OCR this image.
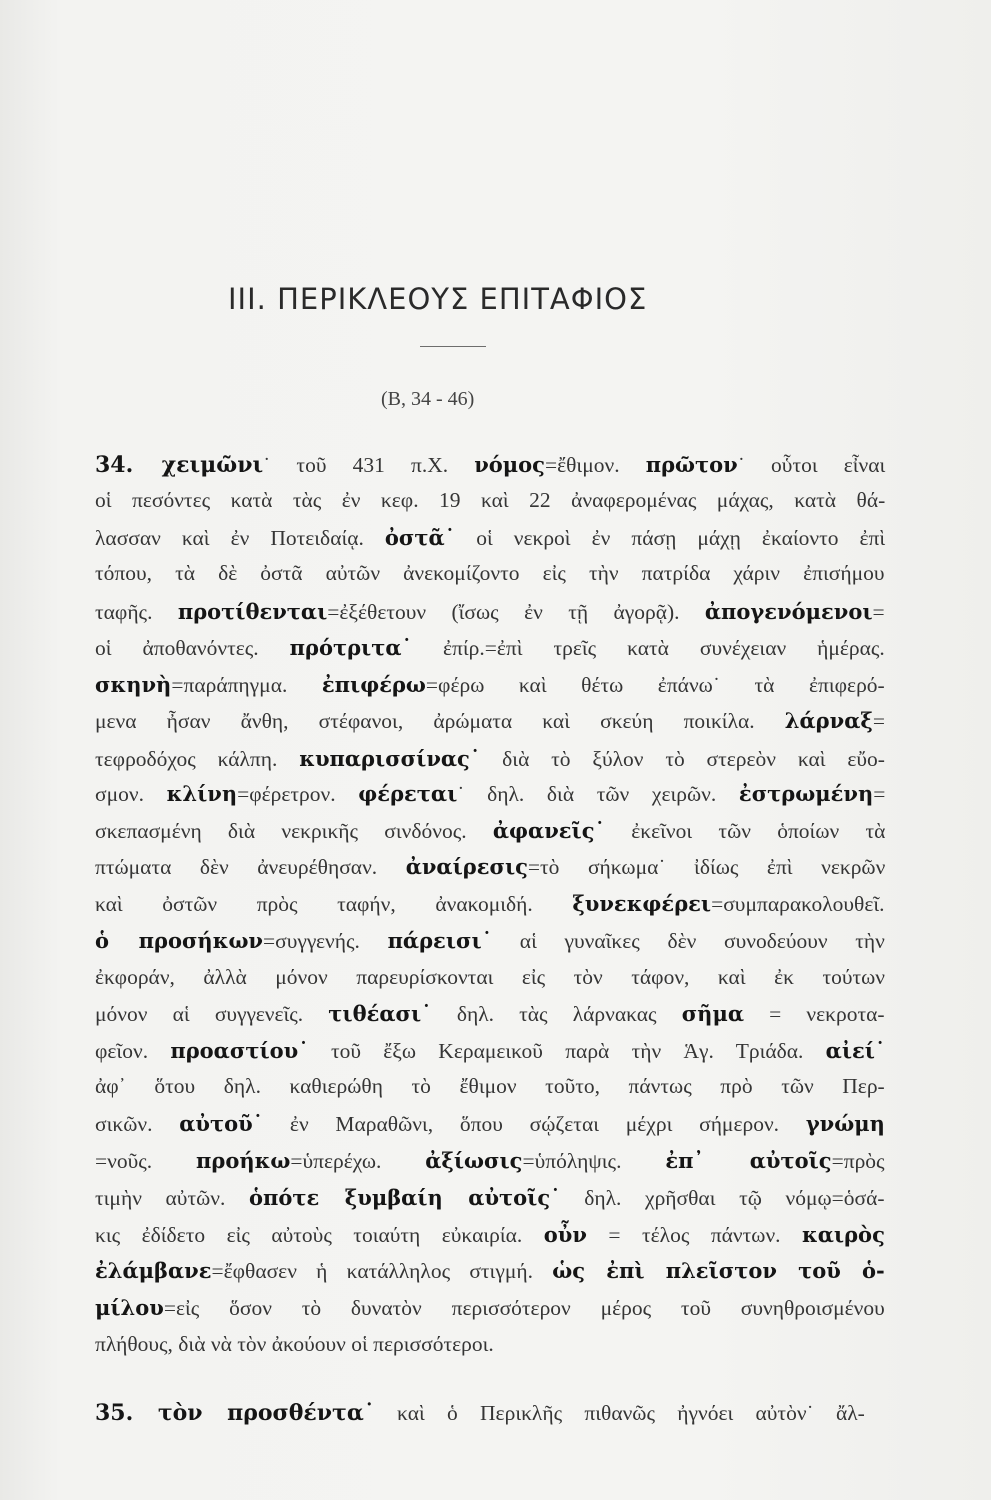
III. ΠΕΡΙΚΛΕΟΥΣ ΕΠΙΤΑΦΙΟΣ
(Β, 34 - 46)
34. χειμῶνι˙ τοῦ 431 π.Χ. νόμος=ἔθιμον. πρῶτον˙ οὗτοι εἶναι
οἱ πεσόντες κατὰ τὰς ἐν κεφ. 19 καὶ 22 ἀναφερομένας μάχας, κατὰ θά-
λασσαν καὶ ἐν Ποτειδαίᾳ. ὀστᾶ˙ οἱ νεκροὶ ἐν πάσῃ μάχῃ ἐκαίοντο ἐπὶ
τόπου, τὰ δὲ ὀστᾶ αὐτῶν ἀνεκομίζοντο εἰς τὴν πατρίδα χάριν ἐπισήμου
ταφῆς. προτίθενται=ἐξέθετουν (ἴσως ἐν τῇ ἀγορᾷ). ἀπογενόμενοι=
οἱ ἀποθανόντες. πρότριτα˙ ἐπίρ.=ἐπὶ τρεῖς κατὰ συνέχειαν ἡμέρας.
σκηνὴ=παράπηγμα. ἐπιφέρω=φέρω καὶ θέτω ἐπάνω˙ τὰ ἐπιφερό-
μενα ἦσαν ἄνθη, στέφανοι, ἀρώματα καὶ σκεύη ποικίλα. λάρναξ=
τεφροδόχος κάλπη. κυπαρισσίνας˙ διὰ τὸ ξύλον τὸ στερεὸν καὶ εὔο-
σμον. κλίνη=φέρετρον. φέρεται˙ δηλ. διὰ τῶν χειρῶν. ἐστρωμένη=
σκεπασμένη διὰ νεκρικῆς σινδόνος. ἀφανεῖς˙ ἐκεῖνοι τῶν ὁποίων τὰ
πτώματα δὲν ἀνευρέθησαν. ἀναίρεσις=τὸ σήκωμα˙ ἰδίως ἐπὶ νεκρῶν
καὶ ὀστῶν πρὸς ταφήν, ἀνακομιδή. ξυνεκφέρει=συμπαρακολουθεῖ.
ὁ προσήκων=συγγενής. πάρεισι˙ αἱ γυναῖκες δὲν συνοδεύουν τὴν
ἐκφοράν, ἀλλὰ μόνον παρευρίσκονται εἰς τὸν τάφον, καὶ ἐκ τούτων
μόνον αἱ συγγενεῖς. τιθέασι˙ δηλ. τὰς λάρνακας σῆμα = νεκροτα-
φεῖον. προαστίου˙ τοῦ ἔξω Κεραμεικοῦ παρὰ τὴν Ἁγ. Τριάδα. αἰεί˙
ἀφ᾽ ὅτου δηλ. καθιερώθη τὸ ἔθιμον τοῦτο, πάντως πρὸ τῶν Περ-
σικῶν. αὐτοῦ˙ ἐν Μαραθῶνι, ὅπου σῴζεται μέχρι σήμερον. γνώμη
=νοῦς. προήκω=ὑπερέχω. ἀξίωσις=ὑπόληψις. ἐπ᾽ αὐτοῖς=πρὸς
τιμὴν αὐτῶν. ὁπότε ξυμβαίη αὐτοῖς˙ δηλ. χρῆσθαι τῷ νόμῳ=ὁσά-
κις ἐδίδετο εἰς αὐτοὺς τοιαύτη εὐκαιρία. οὖν = τέλος πάντων. καιρὸς
ἐλάμβανε=ἔφθασεν ἡ κατάλληλος στιγμή. ὡς ἐπὶ πλεῖστον τοῦ ὁ-
μίλου=εἰς ὅσον τὸ δυνατὸν περισσότερον μέρος τοῦ συνηθροισμένου
πλήθους, διὰ νὰ τὸν ἀκούουν οἱ περισσότεροι.
35. τὸν προσθέντα˙ καὶ ὁ Περικλῆς πιθανῶς ἠγνόει αὐτὸν˙ ἄλ-
